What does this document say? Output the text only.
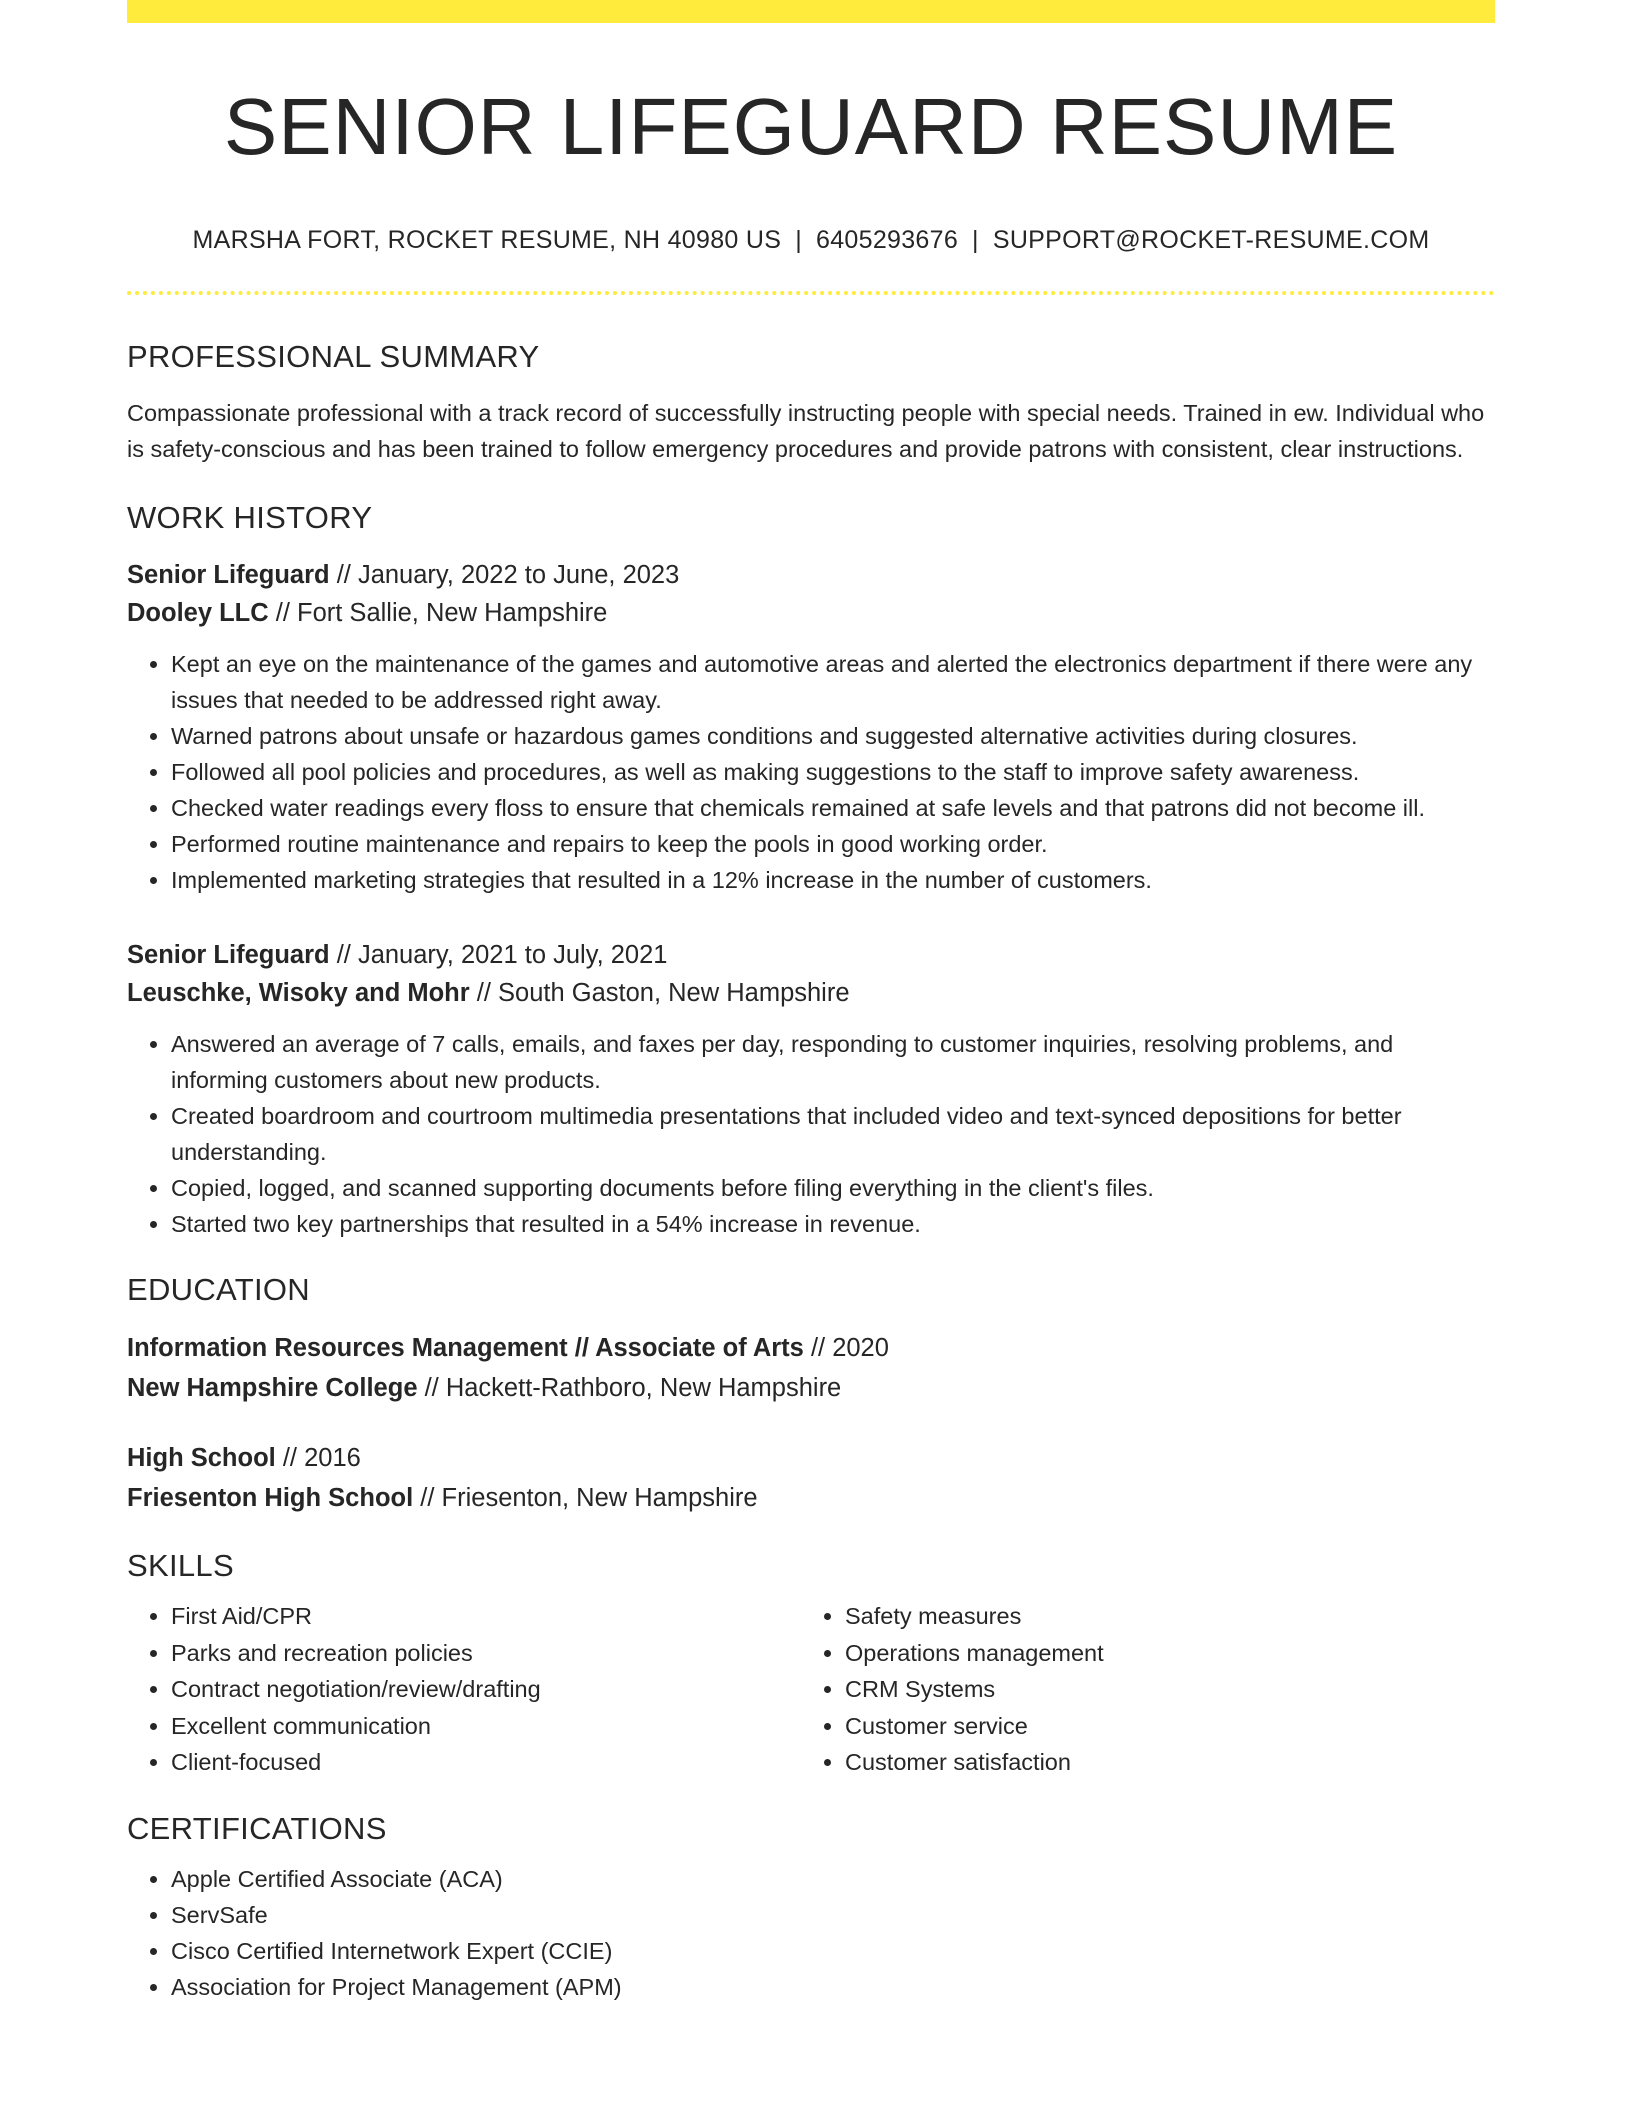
SENIOR LIFEGUARD RESUME
MARSHA FORT, ROCKET RESUME, NH 40980 US | 6405293676 | SUPPORT@ROCKET-RESUME.COM
PROFESSIONAL SUMMARY
Compassionate professional with a track record of successfully instructing people with special needs. Trained in ew. Individual who is safety-conscious and has been trained to follow emergency procedures and provide patrons with consistent, clear instructions.
WORK HISTORY
Senior Lifeguard // January, 2022 to June, 2023
Dooley LLC // Fort Sallie, New Hampshire
• Kept an eye on the maintenance of the games and automotive areas and alerted the electronics department if there were any issues that needed to be addressed right away.
• Warned patrons about unsafe or hazardous games conditions and suggested alternative activities during closures.
• Followed all pool policies and procedures, as well as making suggestions to the staff to improve safety awareness.
• Checked water readings every floss to ensure that chemicals remained at safe levels and that patrons did not become ill.
• Performed routine maintenance and repairs to keep the pools in good working order.
• Implemented marketing strategies that resulted in a 12% increase in the number of customers.
Senior Lifeguard // January, 2021 to July, 2021
Leuschke, Wisoky and Mohr // South Gaston, New Hampshire
• Answered an average of 7 calls, emails, and faxes per day, responding to customer inquiries, resolving problems, and informing customers about new products.
• Created boardroom and courtroom multimedia presentations that included video and text-synced depositions for better understanding.
• Copied, logged, and scanned supporting documents before filing everything in the client's files.
• Started two key partnerships that resulted in a 54% increase in revenue.
EDUCATION
Information Resources Management // Associate of Arts // 2020
New Hampshire College // Hackett-Rathboro, New Hampshire
High School // 2016
Friesenton High School // Friesenton, New Hampshire
SKILLS
• First Aid/CPR
• Parks and recreation policies
• Contract negotiation/review/drafting
• Excellent communication
• Client-focused
• Safety measures
• Operations management
• CRM Systems
• Customer service
• Customer satisfaction
CERTIFICATIONS
• Apple Certified Associate (ACA)
• ServSafe
• Cisco Certified Internetwork Expert (CCIE)
• Association for Project Management (APM)
